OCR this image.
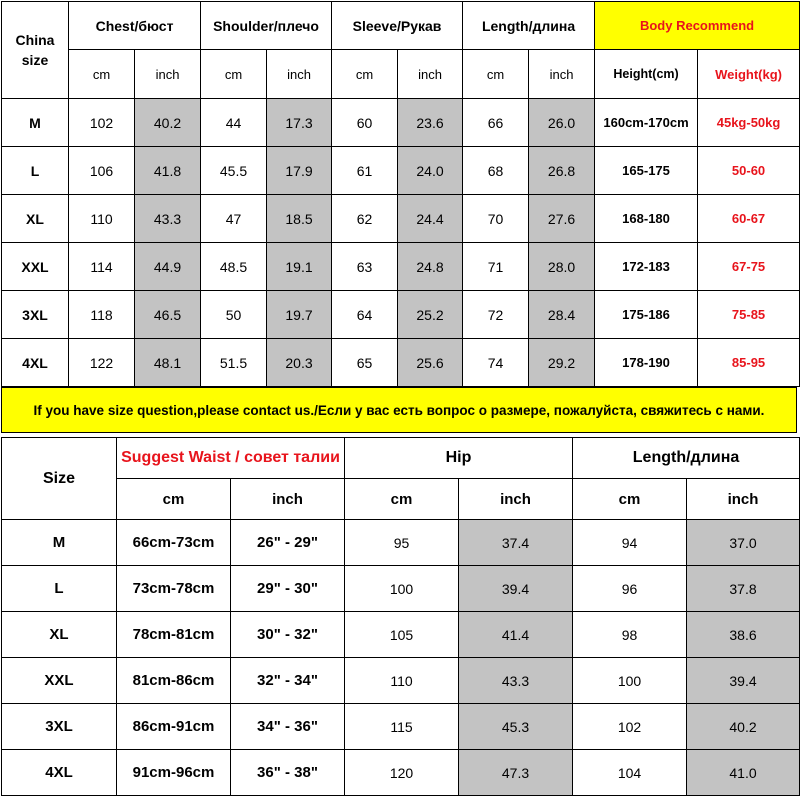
China size	Chest/бюст		Shoulder/плечо		Sleeve/Рукав		Length/длина		Body Recommend	
	cm	inch	cm	inch	cm	inch	cm	inch	Height(cm)	Weight(kg)
M	102	40.2	44	17.3	60	23.6	66	26.0	160cm-170cm	45kg-50kg
L	106	41.8	45.5	17.9	61	24.0	68	26.8	165-175	50-60
XL	110	43.3	47	18.5	62	24.4	70	27.6	168-180	60-67
XXL	114	44.9	48.5	19.1	63	24.8	71	28.0	172-183	67-75
3XL	118	46.5	50	19.7	64	25.2	72	28.4	175-186	75-85
4XL	122	48.1	51.5	20.3	65	25.6	74	29.2	178-190	85-95
If you have size question,please contact us./Если у вас есть вопрос о размере, пожалуйста, свяжитесь с нами.
Size	Suggest Waist / совет талии		Hip		Length/длина	
	cm	inch	cm	inch	cm	inch
M	66cm-73cm	26" - 29"	95	37.4	94	37.0
L	73cm-78cm	29" - 30"	100	39.4	96	37.8
XL	78cm-81cm	30" - 32"	105	41.4	98	38.6
XXL	81cm-86cm	32" - 34"	110	43.3	100	39.4
3XL	86cm-91cm	34" - 36"	115	45.3	102	40.2
4XL	91cm-96cm	36" - 38"	120	47.3	104	41.0
